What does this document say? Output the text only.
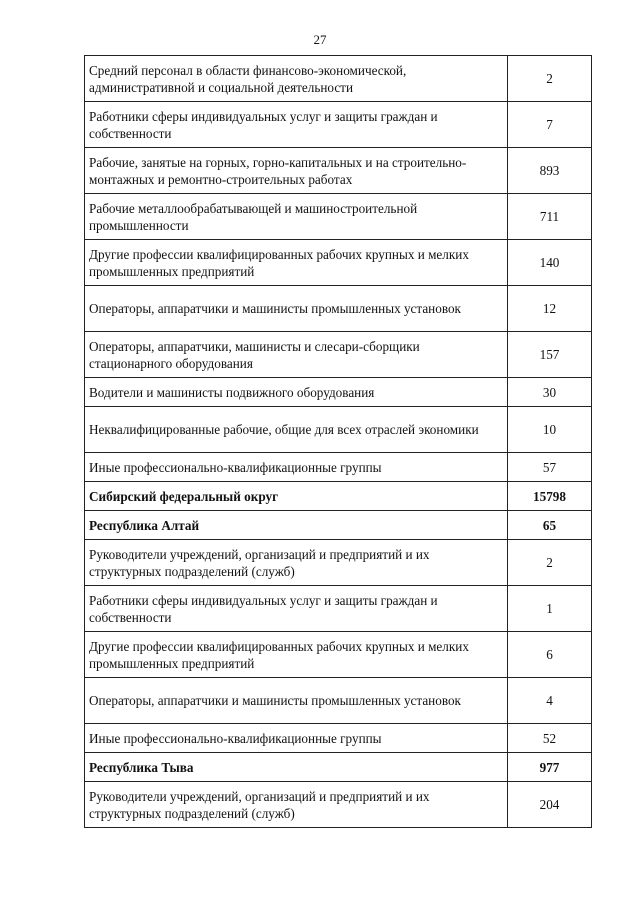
27
Средний персонал в области финансово-экономической, административной и социальной деятельности	2
Работники сферы индивидуальных услуг и защиты граждан и собственности	7
Рабочие, занятые на горных, горно-капитальных и на строительно-монтажных и ремонтно-строительных работах	893
Рабочие металлообрабатывающей и машиностроительной промышленности	711
Другие профессии квалифицированных рабочих крупных и мелких промышленных предприятий	140
Операторы, аппаратчики и машинисты промышленных установок	12
Операторы, аппаратчики, машинисты и слесари-сборщики стационарного оборудования	157
Водители и машинисты подвижного оборудования	30
Неквалифицированные рабочие, общие для всех отраслей экономики	10
Иные профессионально-квалификационные группы	57
Сибирский федеральный округ	15798
Республика Алтай	65
Руководители учреждений, организаций и предприятий и их структурных подразделений (служб)	2
Работники сферы индивидуальных услуг и защиты граждан и собственности	1
Другие профессии квалифицированных рабочих крупных и мелких промышленных предприятий	6
Операторы, аппаратчики и машинисты промышленных установок	4
Иные профессионально-квалификационные группы	52
Республика Тыва	977
Руководители учреждений, организаций и предприятий и их структурных подразделений (служб)	204
